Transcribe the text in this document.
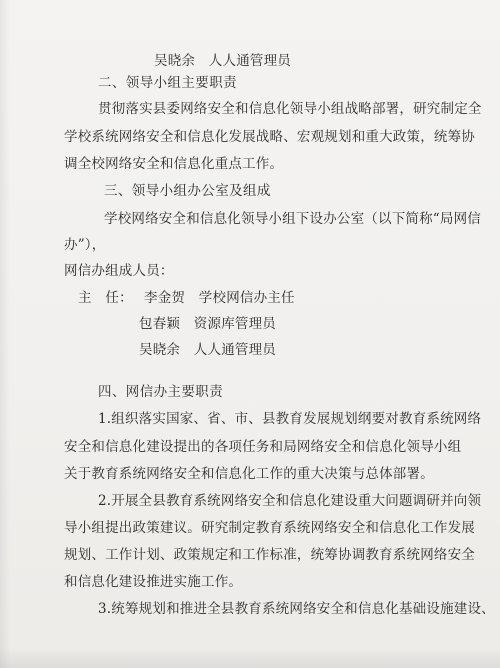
吴晓余　人人通管理员
二、领导小组主要职责
贯彻落实县委网络安全和信息化领导小组战略部署，研究制定全
学校系统网络安全和信息化发展战略、宏观规划和重大政策，统筹协
调全校网络安全和信息化重点工作。
三、领导小组办公室及组成
学校网络安全和信息化领导小组下设办公室（以下简称“局网信
办”），
网信办组成人员：
主　任： 李金贺　学校网信办主任
包春颖　资源库管理员
吴晓余　人人通管理员
四、网信办主要职责
1.组织落实国家、省、市、县教育发展规划纲要对教育系统网络
安全和信息化建设提出的各项任务和局网络安全和信息化领导小组
关于教育系统网络安全和信息化工作的重大决策与总体部署。
2.开展全县教育系统网络安全和信息化建设重大问题调研并向领
导小组提出政策建议。研究制定教育系统网络安全和信息化工作发展
规划、工作计划、政策规定和工作标准，统筹协调教育系统网络安全
和信息化建设推进实施工作。
3.统筹规划和推进全县教育系统网络安全和信息化基础设施建设、
